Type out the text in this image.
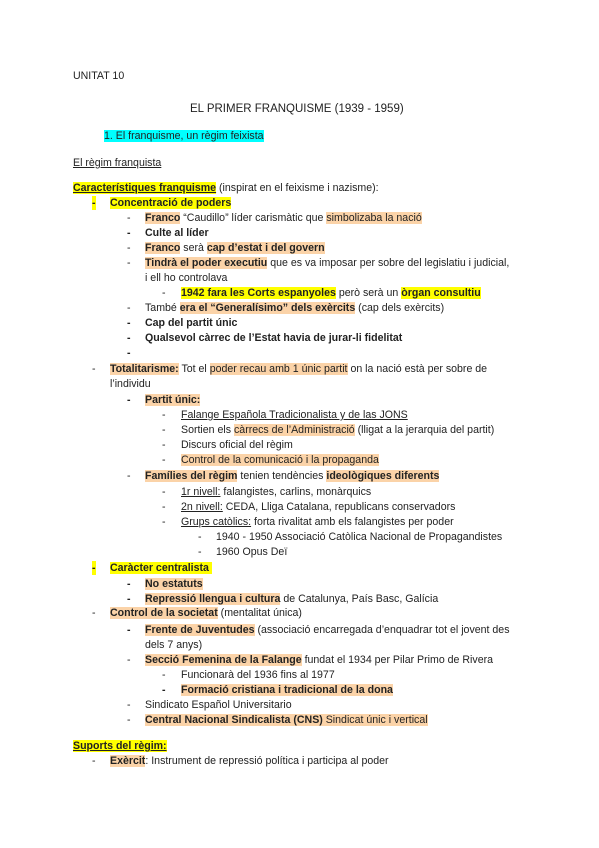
UNITAT 10
EL PRIMER FRANQUISME (1939 - 1959)
1. El franquisme, un règim feixista
El règim franquista
Característiques franquisme (inspirat en el feixisme i nazisme):
- Concentració de poders
- Franco “Caudillo” líder carismàtic que simbolizaba la nació
- Culte al líder
- Franco serà cap d’estat i del govern
- Tindrà el poder executiu que es va imposar per sobre del legislatiu i judicial,
i ell ho controlava
- 1942 fara les Corts espanyoles però serà un òrgan consultiu
- També era el “Generalísimo” dels exèrcits (cap dels exèrcits)
- Cap del partit únic
- Qualsevol càrrec de l’Estat havia de jurar-li fidelitat
-
- Totalitarisme: Tot el poder recau amb 1 únic partit on la nació està per sobre de
l’individu
- Partit únic:
- Falange Española Tradicionalista y de las JONS
- Sortien els càrrecs de l’Administració (lligat a la jerarquia del partit)
- Discurs oficial del règim
- Control de la comunicació i la propaganda
- Famílies del règim tenien tendències ideològiques diferents
- 1r nivell: falangistes, carlins, monàrquics
- 2n nivell: CEDA, Lliga Catalana, republicans conservadors
- Grups catòlics: forta rivalitat amb els falangistes per poder
- 1940 - 1950 Associació Catòlica Nacional de Propagandistes
- 1960 Opus Deï
- Caràcter centralista
- No estatuts
- Repressió llengua i cultura de Catalunya, País Basc, Galícia
- Control de la societat (mentalitat única)
- Frente de Juventudes (associació encarregada d’enquadrar tot el jovent des
dels 7 anys)
- Secció Femenina de la Falange fundat el 1934 per Pilar Primo de Rivera
- Funcionarà del 1936 fins al 1977
- Formació cristiana i tradicional de la dona
- Sindicato Español Universitario
- Central Nacional Sindicalista (CNS) Sindicat únic i vertical
Suports del règim:
- Exèrcit: Instrument de repressió política i participa al poder
